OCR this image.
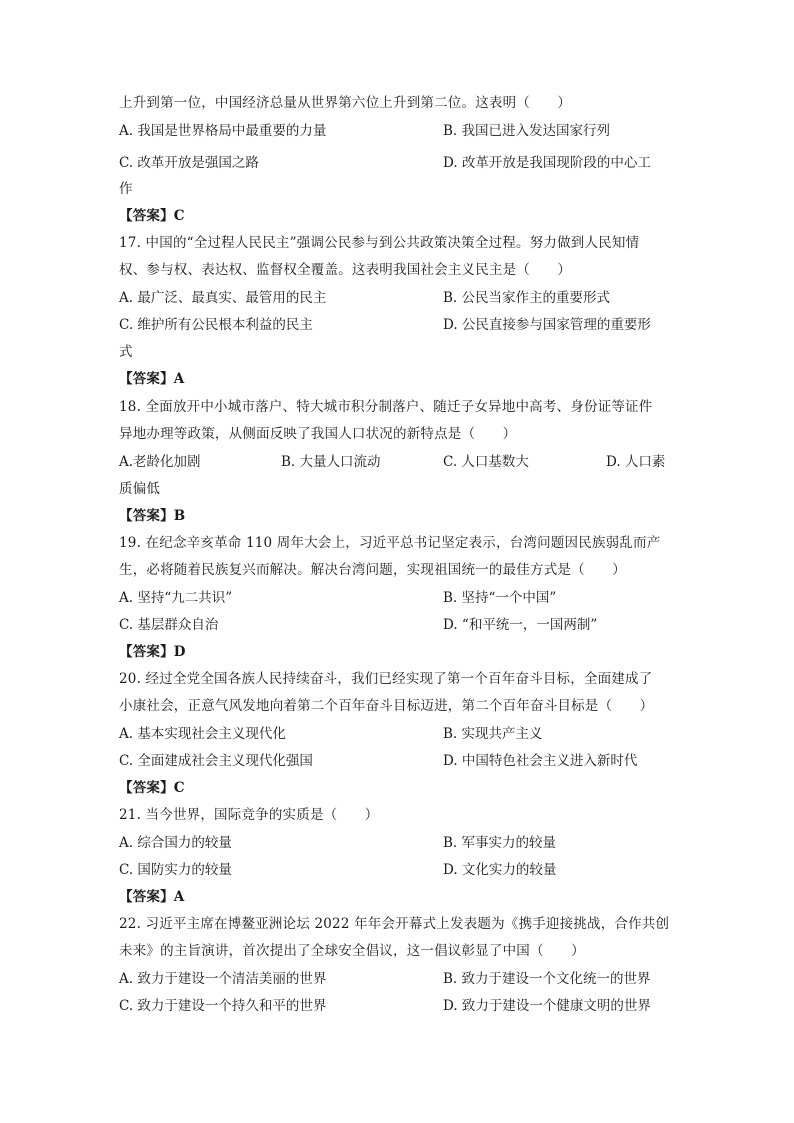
上升到第一位，中国经济总量从世界第六位上升到第二位。这表明（　　）
A. 我国是世界格局中最重要的力量	B. 我国已进入发达国家行列
C. 改革开放是强国之路	D. 改革开放是我国现阶段的中心工
作
【答案】C
17. 中国的“全过程人民民主”强调公民参与到公共政策决策全过程。努力做到人民知情
权、参与权、表达权、监督权全覆盖。这表明我国社会主义民主是（　　）
A. 最广泛、最真实、最管用的民主	B. 公民当家作主的重要形式
C. 维护所有公民根本利益的民主	D. 公民直接参与国家管理的重要形
式
【答案】A
18. 全面放开中小城市落户、特大城市积分制落户、随迁子女异地中高考、身份证等证件
异地办理等政策，从侧面反映了我国人口状况的新特点是（　　）
A.老龄化加剧	B. 大量人口流动	C. 人口基数大	D. 人口素
质偏低
【答案】B
19. 在纪念辛亥革命 110 周年大会上，习近平总书记坚定表示，台湾问题因民族弱乱而产
生，必将随着民族复兴而解决。解决台湾问题，实现祖国统一的最佳方式是（　　）
A. 坚持“九二共识”	B. 坚持“一个中国”
C. 基层群众自治	D. “和平统一，一国两制”
【答案】D
20. 经过全党全国各族人民持续奋斗，我们已经实现了第一个百年奋斗目标，全面建成了
小康社会，正意气风发地向着第二个百年奋斗目标迈进，第二个百年奋斗目标是（　　）
A. 基本实现社会主义现代化	B. 实现共产主义
C. 全面建成社会主义现代化强国	D. 中国特色社会主义进入新时代
【答案】C
21. 当今世界，国际竞争的实质是（　　）
A. 综合国力的较量	B. 军事实力的较量
C. 国防实力的较量	D. 文化实力的较量
【答案】A
22. 习近平主席在博鳌亚洲论坛 2022 年年会开幕式上发表题为《携手迎接挑战，合作共创
未来》的主旨演讲，首次提出了全球安全倡议，这一倡议彰显了中国（　　）
A. 致力于建设一个清洁美丽的世界	B. 致力于建设一个文化统一的世界
C. 致力于建设一个持久和平的世界	D. 致力于建设一个健康文明的世界
